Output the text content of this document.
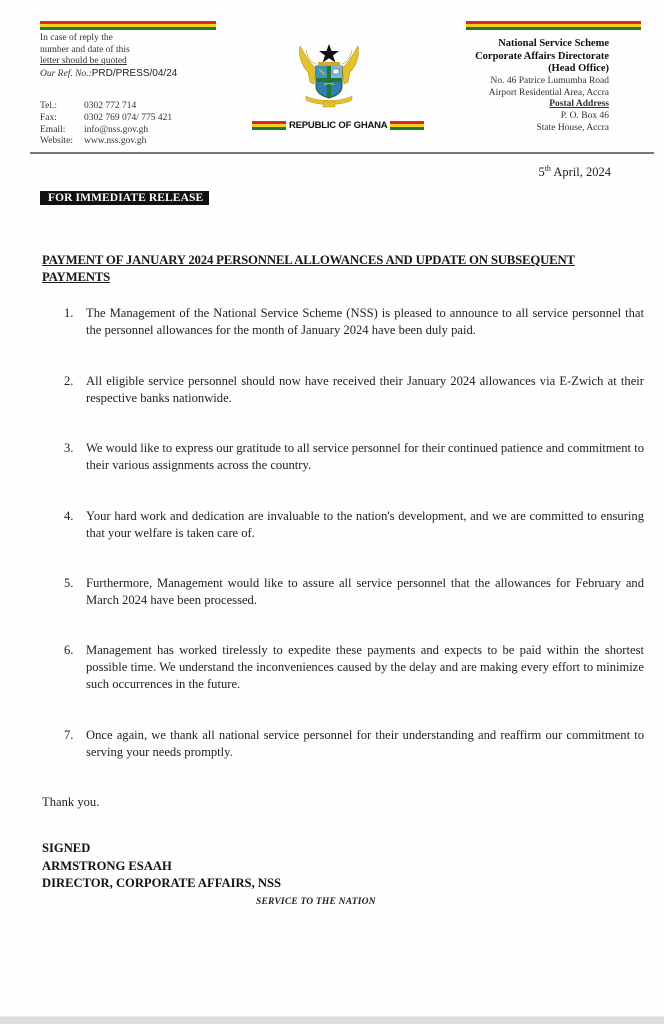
In case of reply the
number and date of this
letter should be quoted
Our Ref. No.:PRD/PRESS/04/24
Tel.:	0302 772 714
Fax:	0302 769 074/ 775 421
Email:	info@nss.gov.gh
Website:	www.nss.gov.gh
REPUBLIC OF GHANA
National Service Scheme
Corporate Affairs Directorate
(Head Office)
No. 46 Patrice Lumumba Road
Airport Residential Area, Accra
Postal Address
P. O. Box 46
State House, Accra
5th April, 2024
FOR IMMEDIATE RELEASE
PAYMENT OF JANUARY 2024 PERSONNEL ALLOWANCES AND UPDATE ON SUBSEQUENT PAYMENTS
1. The Management of the National Service Scheme (NSS) is pleased to announce to all service personnel that the personnel allowances for the month of January 2024 have been duly paid.
2. All eligible service personnel should now have received their January 2024 allowances via E-Zwich at their respective banks nationwide.
3. We would like to express our gratitude to all service personnel for their continued patience and commitment to their various assignments across the country.
4. Your hard work and dedication are invaluable to the nation's development, and we are committed to ensuring that your welfare is taken care of.
5. Furthermore, Management would like to assure all service personnel that the allowances for February and March 2024 have been processed.
6. Management has worked tirelessly to expedite these payments and expects to be paid within the shortest possible time. We understand the inconveniences caused by the delay and are making every effort to minimize such occurrences in the future.
7. Once again, we thank all national service personnel for their understanding and reaffirm our commitment to serving your needs promptly.
Thank you.
SIGNED
ARMSTRONG ESAAH
DIRECTOR, CORPORATE AFFAIRS, NSS
SERVICE TO THE NATION
